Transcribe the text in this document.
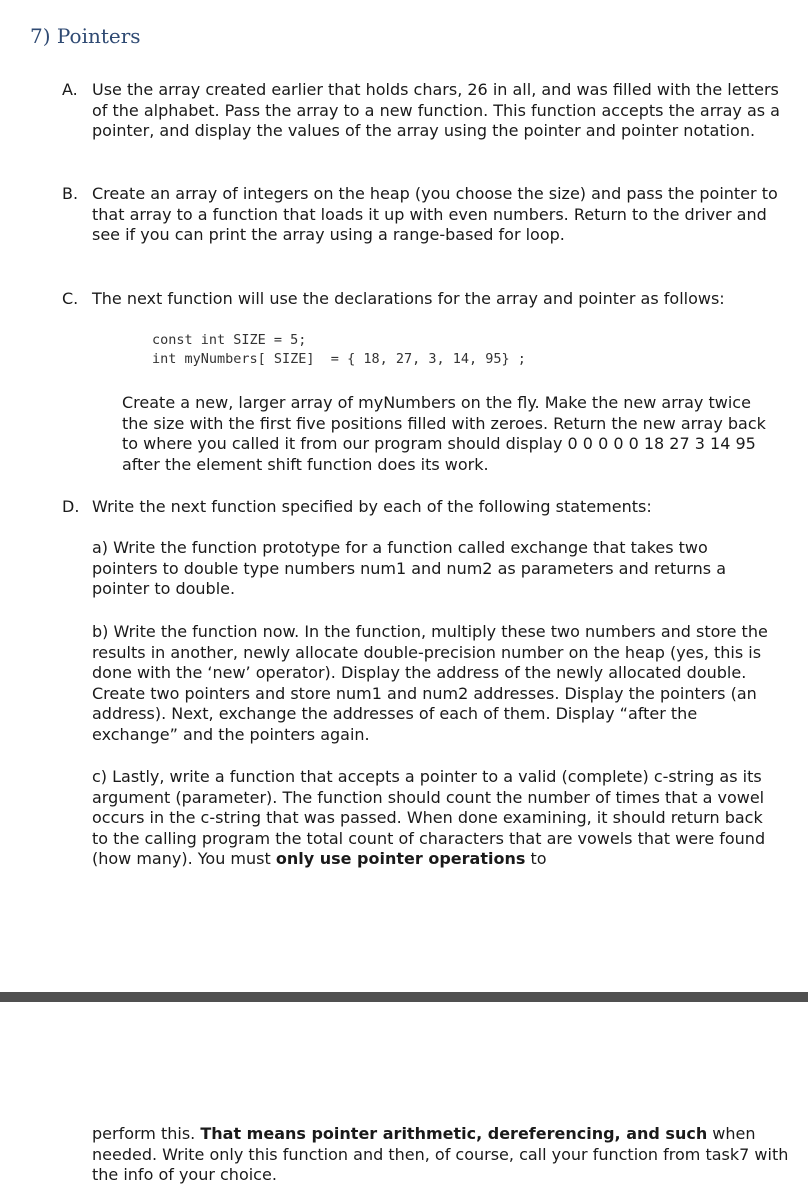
7) Pointers
A. Use the array created earlier that holds chars, 26 in all, and was filled with the letters of the alphabet. Pass the array to a new function. This function accepts the array as a pointer, and display the values of the array using the pointer and pointer notation.
B. Create an array of integers on the heap (you choose the size) and pass the pointer to that array to a function that loads it up with even numbers. Return to the driver and see if you can print the array using a range-based for loop.
C. The next function will use the declarations for the array and pointer as follows:
const int SIZE = 5;
int myNumbers[ SIZE]  = { 18, 27, 3, 14, 95} ;
Create a new, larger array of myNumbers on the fly. Make the new array twice the size with the first five positions filled with zeroes. Return the new array back to where you called it from our program should display 0 0 0 0 0 18 27 3 14 95 after the element shift function does its work.
D. Write the next function specified by each of the following statements:
a) Write the function prototype for a function called exchange that takes two pointers to double type numbers num1 and num2 as parameters and returns a pointer to double.
b) Write the function now. In the function, multiply these two numbers and store the results in another, newly allocate double-precision number on the heap (yes, this is done with the ‘new’ operator). Display the address of the newly allocated double. Create two pointers and store num1 and num2 addresses. Display the pointers (an address). Next, exchange the addresses of each of them. Display “after the exchange” and the pointers again.
c) Lastly, write a function that accepts a pointer to a valid (complete) c-string as its argument (parameter). The function should count the number of times that a vowel occurs in the c-string that was passed. When done examining, it should return back to the calling program the total count of characters that are vowels that were found (how many). You must only use pointer operations to
perform this. That means pointer arithmetic, dereferencing, and such when needed. Write only this function and then, of course, call your function from task7 with the info of your choice.
